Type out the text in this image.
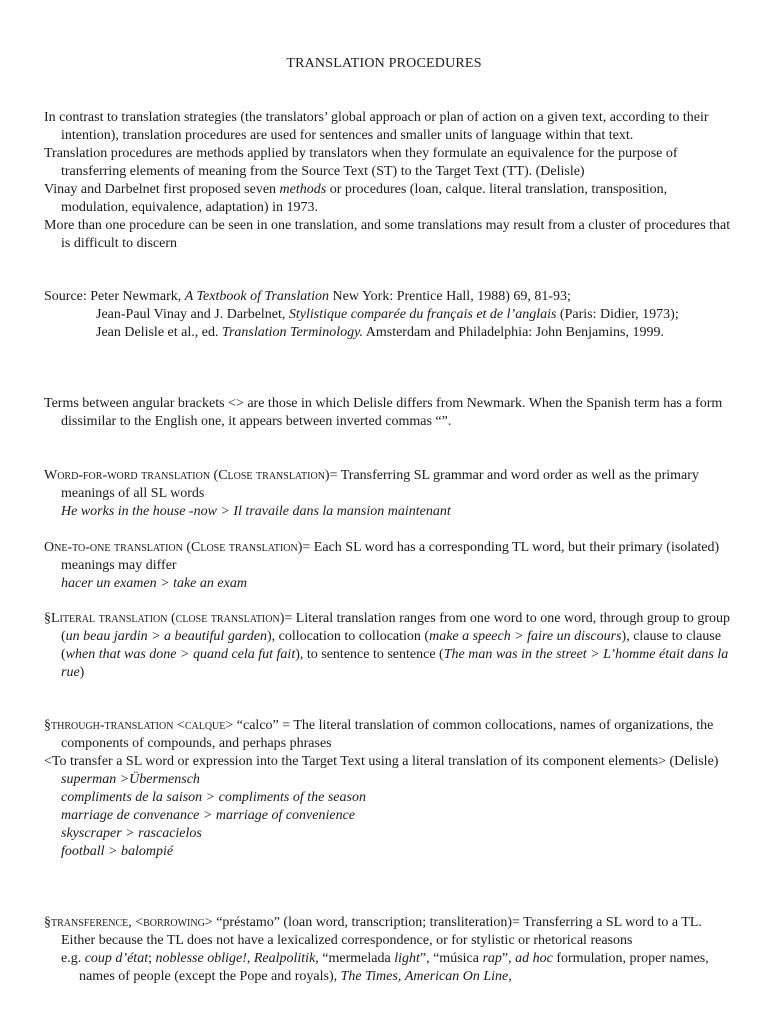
TRANSLATION PROCEDURES

In contrast to translation strategies (the translators’ global approach or plan of action on a given text, according to their intention), translation procedures are used for sentences and smaller units of language within that text.

Translation procedures are methods applied by translators when they formulate an equivalence for the purpose of transferring elements of meaning from the Source Text (ST) to the Target Text (TT). (Delisle)

Vinay and Darbelnet first proposed seven methods or procedures (loan, calque. literal translation, transposition, modulation, equivalence, adaptation) in 1973.

More than one procedure can be seen in one translation, and some translations may result from a cluster of procedures that is difficult to discern

Source: Peter Newmark, A Textbook of Translation New York: Prentice Hall, 1988) 69, 81-93;

Jean-Paul Vinay and J. Darbelnet, Stylistique comparée du français et de l’anglais (Paris: Didier, 1973);

Jean Delisle et al., ed. Translation Terminology. Amsterdam and Philadelphia: John Benjamins, 1999.

Terms between angular brackets <> are those in which Delisle differs from Newmark. When the Spanish term has a form dissimilar to the English one, it appears between inverted commas “”.

Word-for-word translation (Close translation)= Transferring SL grammar and word order as well as the primary meanings of all SL words

He works in the house -now > Il travaile dans la mansion maintenant

One-to-one translation (Close translation)= Each SL word has a corresponding TL word, but their primary (isolated) meanings may differ

hacer un examen > take an exam

§Literal translation (close translation)= Literal translation ranges from one word to one word, through group to group (un beau jardin > a beautiful garden), collocation to collocation (make a speech > faire un discours), clause to clause (when that was done > quand cela fut fait), to sentence to sentence (The man was in the street > L’homme était dans la rue)

§through-translation <calque> “calco” = The literal translation of common collocations, names of organizations, the components of compounds, and perhaps phrases

<To transfer a SL word or expression into the Target Text using a literal translation of its component elements> (Delisle)

superman >Übermensch

compliments de la saison > compliments of the season

marriage de convenance > marriage of convenience

skyscraper > rascacielos

football > balompié

§transference, <borrowing> “préstamo” (loan word, transcription; transliteration)= Transferring a SL word to a TL. Either because the TL does not have a lexicalized correspondence, or for stylistic or rhetorical reasons

e.g. coup d’état; noblesse oblige!, Realpolitik, “mermelada light”, “música rap”, ad hoc formulation, proper names, names of people (except the Pope and royals), The Times, American On Line,
